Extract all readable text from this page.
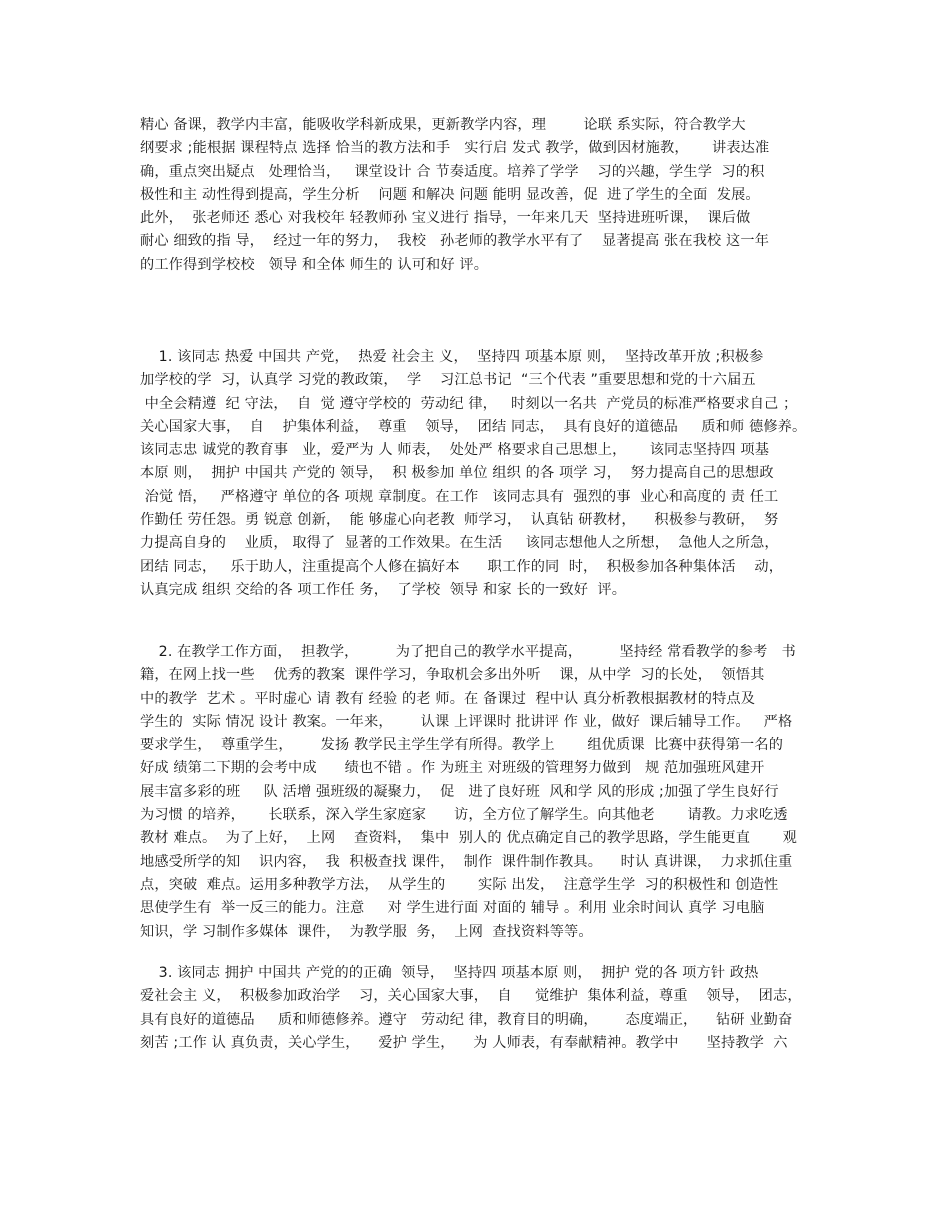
精心 备课，教学内丰富，能吸收学科新成果，更新教学内容，理        论联 系实际，符合教学大
纲要求 ;能根据 课程特点 选择 恰当的教方法和手   实行启 发式 教学，做到因材施教，     讲表达准
确，重点突出疑点   处理恰当，   课堂设计 合 节奏适度。培养了学学    习的兴趣，学生学  习的积
极性和主 动性得到提高，学生分析    问题 和解决 问题 能明 显改善，促  进了学生的全面  发展。
此外，  张老师还 悉心 对我校年 轻教师孙 宝义进行 指导，一年来几天  坚持进班听课，  课后做
耐心 细致的指 导，  经过一年的努力，  我校   孙老师的教学水平有了    显著提高 张在我校 这一年
的工作得到学校校   领导 和全体 师生的 认可和好 评。
1. 该同志 热爱 中国共 产党，  热爱 社会主 义，  坚持四 项基本原 则，  坚持改革开放 ;积极参
加学校的学  习，认真学 习党的教政策，  学    习江总书记  “三个代表 ”重要思想和党的十六届五
中全会精遵  纪 守法，  自  觉 遵守学校的  劳动纪 律，   时刻以一名共  产党员的标准严格要求自己 ；
关心国家大事，  自    护集体利益，  尊重    领导，  团结 同志，  具有良好的道德品     质和师 德修养。
该同志忠 诚党的教育事   业，爱严为 人 师表，  处处严 格要求自己思想上，     该同志坚持四 项基
本原 则，  拥护 中国共 产党的 领导，  积 极参加 单位 组织 的各 项学 习，  努力提高自己的思想政
治觉 悟，   严格遵守 单位的各 项规 章制度。在工作   该同志具有  强烈的事  业心和高度的 责 任工
作勤任 劳任怨。勇 锐意 创新，  能 够虚心向老教  师学习，  认真钻 研教材，    积极参与教研，  努
力提高自身的    业质， 取得了  显著的工作效果。在生活     该同志想他人之所想，  急他人之所急，
团结 同志，   乐于助人，注重提高个人修在搞好本      职工作的同  时，  积极参加各种集体活    动，
认真完成 组织 交给的各 项工作任 务，  了学校  领导 和家 长的一致好  评。
2. 在教学工作方面，  担教学，        为了把自己的教学水平提高，        坚持经 常看教学的参考   书
籍，在网上找一些    优秀的教案  课件学习，争取机会多出外听    课，从中学  习的长处，  领悟其
中的教学  艺术 。平时虚心 请 教有 经验 的老 师。在 备课过  程中认 真分析教根据教材的特点及
学生的  实际 情况 设计 教案。一年来，      认课 上评课时 批讲评 作 业，做好  课后辅导工作。   严格
要求学生，  尊重学生，      发扬 教学民主学生学有所得。教学上       组优质课  比赛中获得第一名的
好成 绩第二下期的会考中成      绩也不错 。作 为班主 对班级的管理努力做到   规 范加强班风建开
展丰富多彩的班     队 活增 强班级的凝聚力，  促   进了良好班  风和学 风的形成 ;加强了学生良好行
为习惯 的培养，     长联系，深入学生家庭家      访，全方位了解学生。向其他老       请教。力求吃透
教材 难点。  为了上好，  上网    查资料，  集中  别人的 优点确定自己的教学思路，学生能更直       观
地感受所学的知    识内容，  我  积极查找 课件，  制作  课件制作教具。    时认 真讲课，  力求抓住重
点，突破  难点。运用多种教学方法，  从学生的       实际 出发，  注意学生学  习的积极性和 创造性
思使学生有  举一反三的能力。注意     对 学生进行面 对面的 辅导 。利用 业余时间认 真学 习电脑
知识，学 习制作多媒体  课件，  为教学服  务，  上网  查找资料等等。
3. 该同志 拥护 中国共 产党的的正确  领导，  坚持四 项基本原 则，  拥护 党的各 项方针 政热
爱社会主 义，  积极参加政治学    习，关心国家大事，  自     觉维护  集体利益，尊重    领导，  团志，
具有良好的道德品     质和师德修养。遵守   劳动纪 律，教育目的明确，      态度端正，    钻研 业勤奋
刻苦 ;工作 认 真负责，关心学生，    爱护 学生，    为 人师表，有奉献精神。教学中      坚持教学  六
